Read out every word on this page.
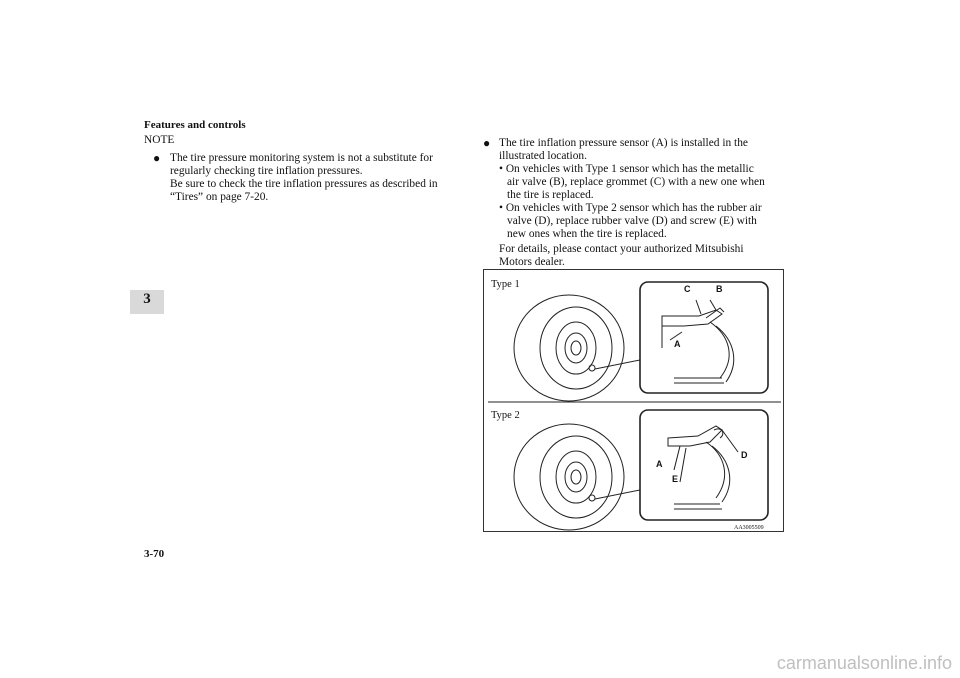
Features and controls
3
NOTE
● The tire pressure monitoring system is not a substitute for
regularly checking tire inflation pressures.
Be sure to check the tire inflation pressures as described in
“Tires” on page 7-20.
● The tire inflation pressure sensor (A) is installed in the
illustrated location.
• On vehicles with Type 1 sensor which has the metallic
air valve (B), replace grommet (C) with a new one when
the tire is replaced.
• On vehicles with Type 2 sensor which has the rubber air
valve (D), replace rubber valve (D) and screw (E) with
new ones when the tire is replaced.
For details, please contact your authorized Mitsubishi
Motors dealer.
Type 1
Type 2
C	B
A
A
E
D
AA3005509
3-70
carmanualsonline.info
